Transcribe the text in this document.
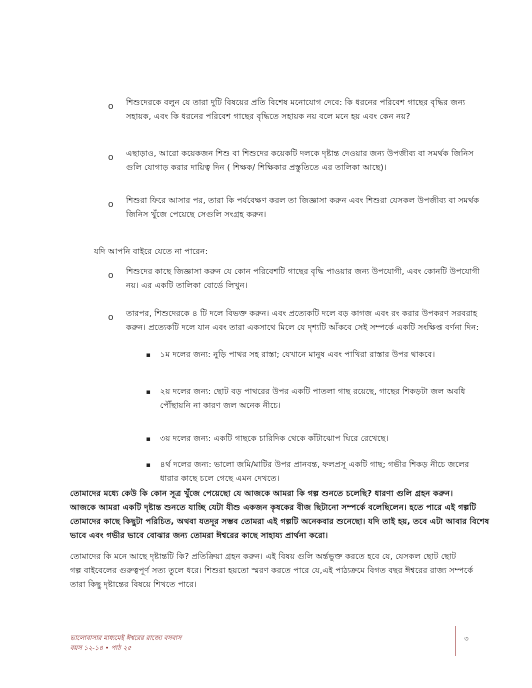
o শিশুদেরকে বলুন যে তারা দুটি বিষয়ের প্রতি বিশেষ মনোযোগ দেবে: কি ধরনের পরিবেশ গাছের বৃদ্ধির জন্য
সহায়ক, এবং কি ধরনের পরিবেশ গাছের বৃদ্ধিতে সহায়ক নয় বলে মনে হয় এবং কেন নয়?
o এছাড়াও, আরো কয়েকজন শিশু বা শিশুদের কয়েকটি দলকে দৃষ্টান্ত দেওয়ার জন্য উপজীব্য বা সমর্থক জিনিস
গুলি যোগাড় করার দায়িত্ব দিন ( শিক্ষক/ শিক্ষিকার প্রস্তুতিতে এর তালিকা আছে)।
o শিশুরা ফিরে আসার পর, তারা কি পর্যবেক্ষণ করল তা জিজ্ঞাসা করুন এবং শিশুরা যেসকল উপজীব্য বা সমর্থক
জিনিস খুঁজে পেয়েছে সেগুলি সংগ্রহ করুন।
যদি আপনি বাইরে যেতে না পারেন:
o শিশুদের কাছে জিজ্ঞাসা করুন যে কোন পরিবেশটি গাছের বৃদ্ধি পাওয়ার জন্য উপযোগী, এবং কোনটি উপযোগী
নয়। এর একটি তালিকা বোর্ডে লিখুন।
o তারপর, শিশুদেরকে ৪ টি দলে বিভক্ত করুন। এবং প্রত্যেকটি দলে বড় কাগজ এবং রং করার উপকরণ সরবরাহ
করুন। প্রত্যেকটি দলে যান এবং তারা একসাথে মিলে যে দৃশ্যটি আঁকবে সেই সম্পর্কে একটি সংক্ষিপ্ত বর্ণনা দিন:
▪ ১ম দলের জন্য: নুড়ি পাথর সহ রাস্তা; যেখানে মানুষ এবং পাখিরা রাস্তার উপর থাকবে।
▪ ২য় দলের জন্য: ছোট বড় পাথরের উপর একটি পাতলা গাছ রয়েছে, গাছের শিকড়টা জল অবধি
পৌঁছায়নি না কারণ জল অনেক নীচে।
▪ ৩য় দলের জন্য: একটি গাছকে চারিদিক থেকে কাঁটাঝোপ ঘিরে রেখেছে।
▪ ৪র্থ দলের জন্য: ভালো জমি/মাটির উপর প্রানবন্ত, ফলপ্রসূ একটি গাছ; গভীর শিকড় নীচে জলের
ধারার কাছে চলে গেছে এমন দেখতে।
তোমাদের মধ্যে কেউ কি কোন সূত্র খুঁজে পেয়েছো যে আজকে আমরা কি গল্প শুনতে চলেছি? ধারণা গুলি গ্রহন করুন।
আজকে আমরা একটি দৃষ্টান্ত শুনতে যাচ্ছি যেটা যীশু একজন কৃষকের বীজ ছিটানো সম্পর্কে বলেছিলেন। হতে পারে এই গল্পটি
তোমাদের কাছে কিছুটা পরিচিত, অথবা যতদূর সম্ভব তোমরা এই গল্পটি অনেকবার শুনেছো। যদি তাই হয়, তবে এটা আবার বিশেষ
ভাবে এবং গভীর ভাবে বোঝার জন্য তোমরা ঈশ্বরের কাছে সাহায্য প্রার্থনা করো।
তোমাদের কি মনে আছে দৃষ্টান্তটি কি? প্রতিক্রিয়া গ্রহন করুন। এই বিষয় গুলি অর্ন্তভুক্ত করতে হবে যে, যেসকল ছোট ছোট
গল্প বাইবেলের গুরুত্বপূর্ণ সত্য তুলে ধরে। শিশুরা হয়তো স্মরণ করতে পারে যে,এই পাঠ্যক্রমে বিগত বছর ঈশ্বরের রাজ্য সম্পর্কে
তারা কিছু দৃষ্টান্তের বিষয়ে শিখতে পারে।
ভালোবাসার মাধ্যমেই ঈশ্বরের রাজ্যে বসবাস
বয়স ১২-১৪ • পাঠ ২৫
৩
